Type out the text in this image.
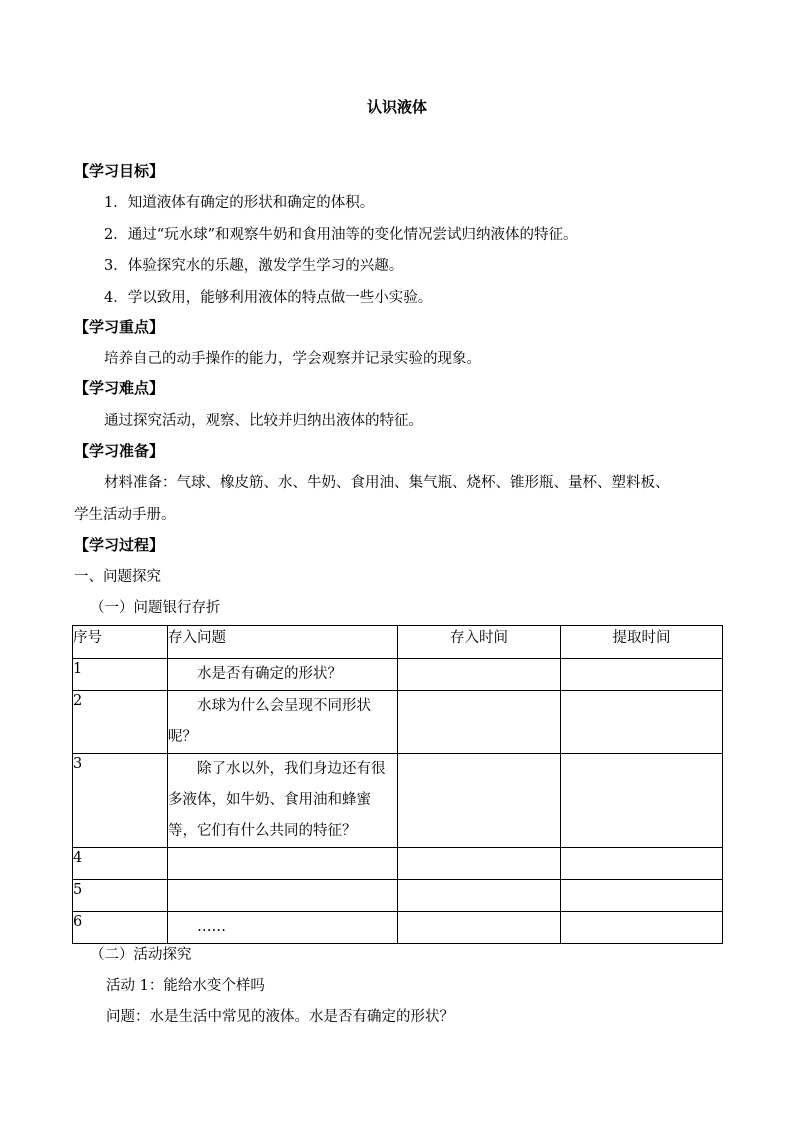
认识液体
【学习目标】
1．知道液体有确定的形状和确定的体积。
2．通过“玩水球”和观察牛奶和食用油等的变化情况尝试归纳液体的特征。
3．体验探究水的乐趣，激发学生学习的兴趣。
4．学以致用，能够利用液体的特点做一些小实验。
【学习重点】
培养自己的动手操作的能力，学会观察并记录实验的现象。
【学习难点】
通过探究活动，观察、比较并归纳出液体的特征。
【学习准备】
材料准备：气球、橡皮筋、水、牛奶、食用油、集气瓶、烧杯、锥形瓶、量杯、塑料板、
学生活动手册。
【学习过程】
一、问题探究
（一）问题银行存折
序号	存入问题	存入时间	提取时间
1	水是否有确定的形状？		
2	水球为什么会呈现不同形状呢？		
3	除了水以外，我们身边还有很多液体，如牛奶、食用油和蜂蜜等，它们有什么共同的特征？		
4			
5			
6	……		
（二）活动探究
活动 1：能给水变个样吗
问题：水是生活中常见的液体。水是否有确定的形状？
